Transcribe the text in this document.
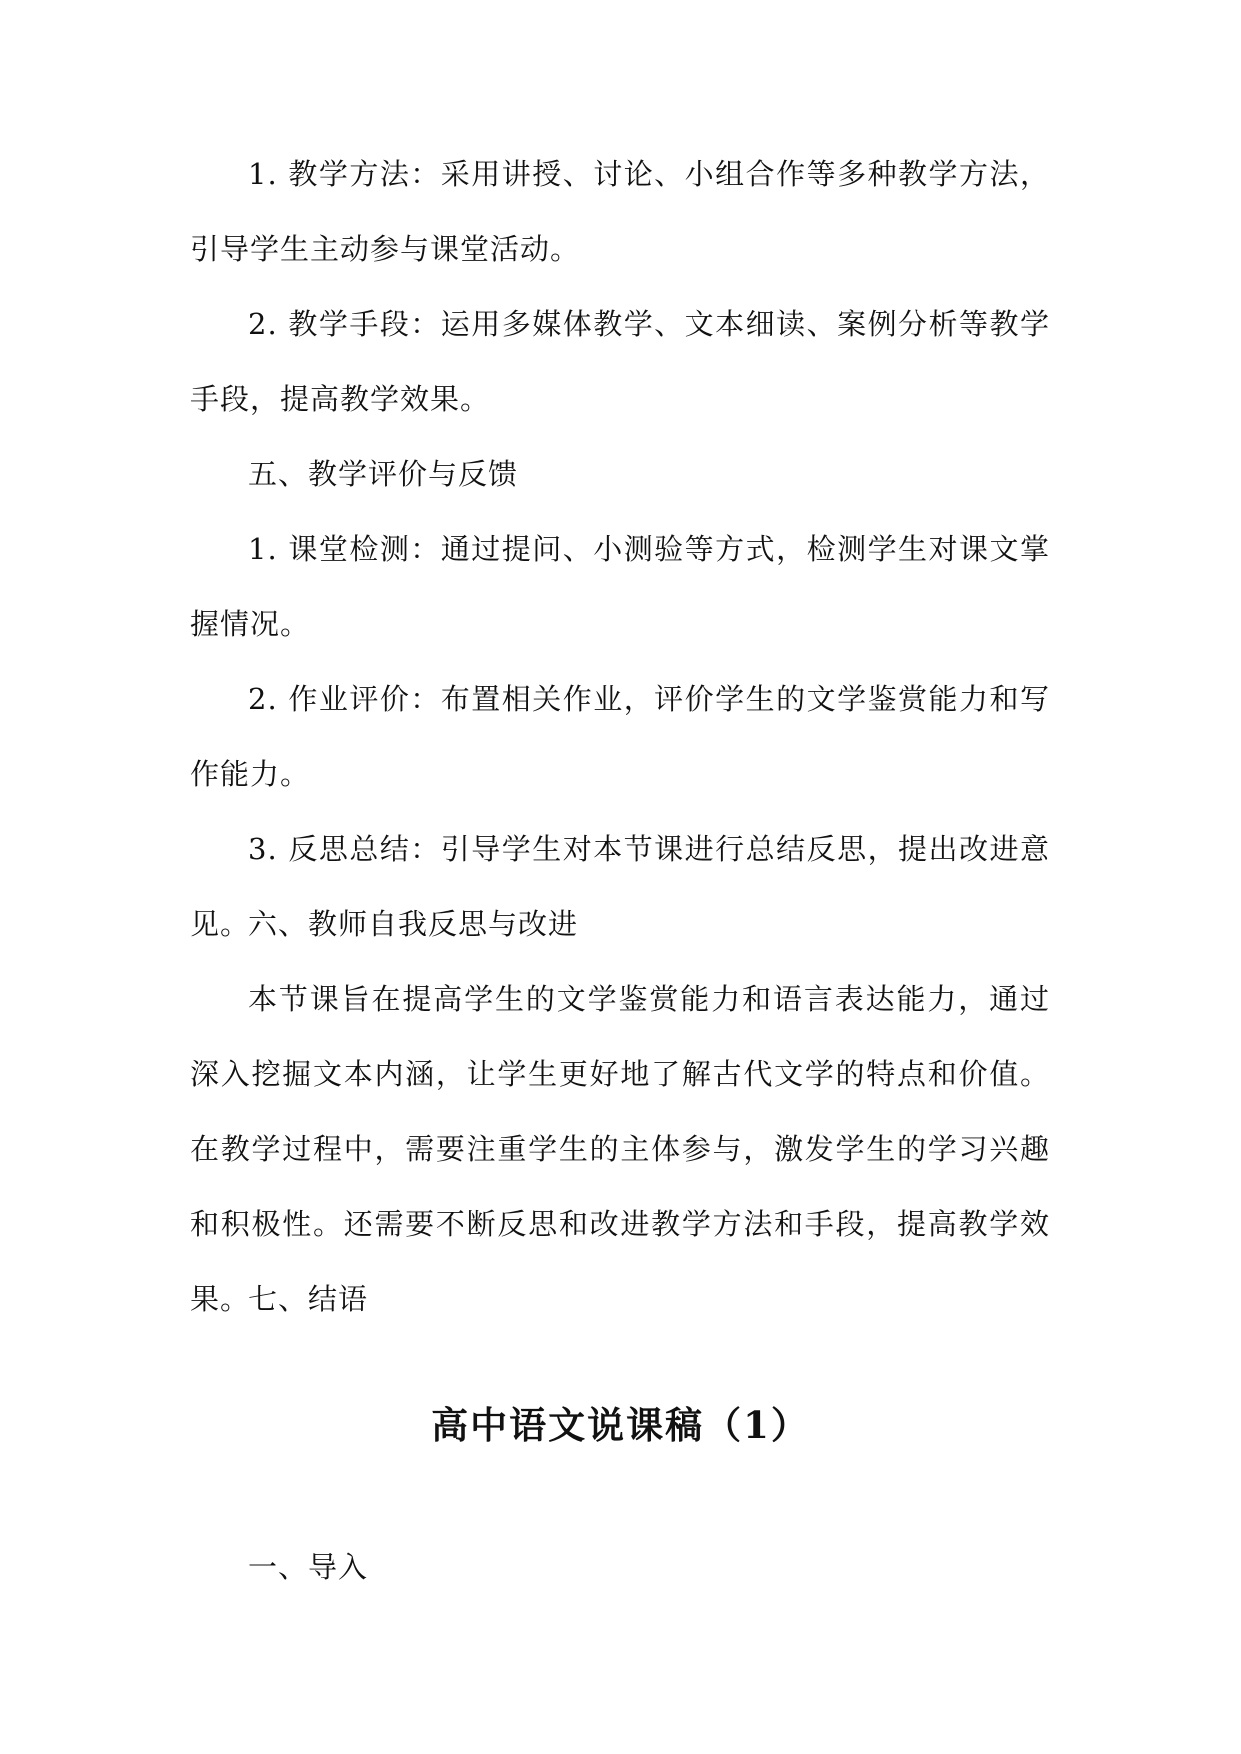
1. 教学方法：采用讲授、讨论、小组合作等多种教学方法，引导学生主动参与课堂活动。

2. 教学手段：运用多媒体教学、文本细读、案例分析等教学手段，提高教学效果。

五、教学评价与反馈

1. 课堂检测：通过提问、小测验等方式，检测学生对课文掌握情况。

2. 作业评价：布置相关作业，评价学生的文学鉴赏能力和写作能力。

3. 反思总结：引导学生对本节课进行总结反思，提出改进意见。

六、教师自我反思与改进

本节课旨在提高学生的文学鉴赏能力和语言表达能力，通过深入挖掘文本内涵，让学生更好地了解古代文学的特点和价值。在教学过程中，需要注重学生的主体参与，激发学生的学习兴趣和积极性。还需要不断反思和改进教学方法和手段，提高教学效果。

七、结语

高中语文说课稿（1）

一、导入
